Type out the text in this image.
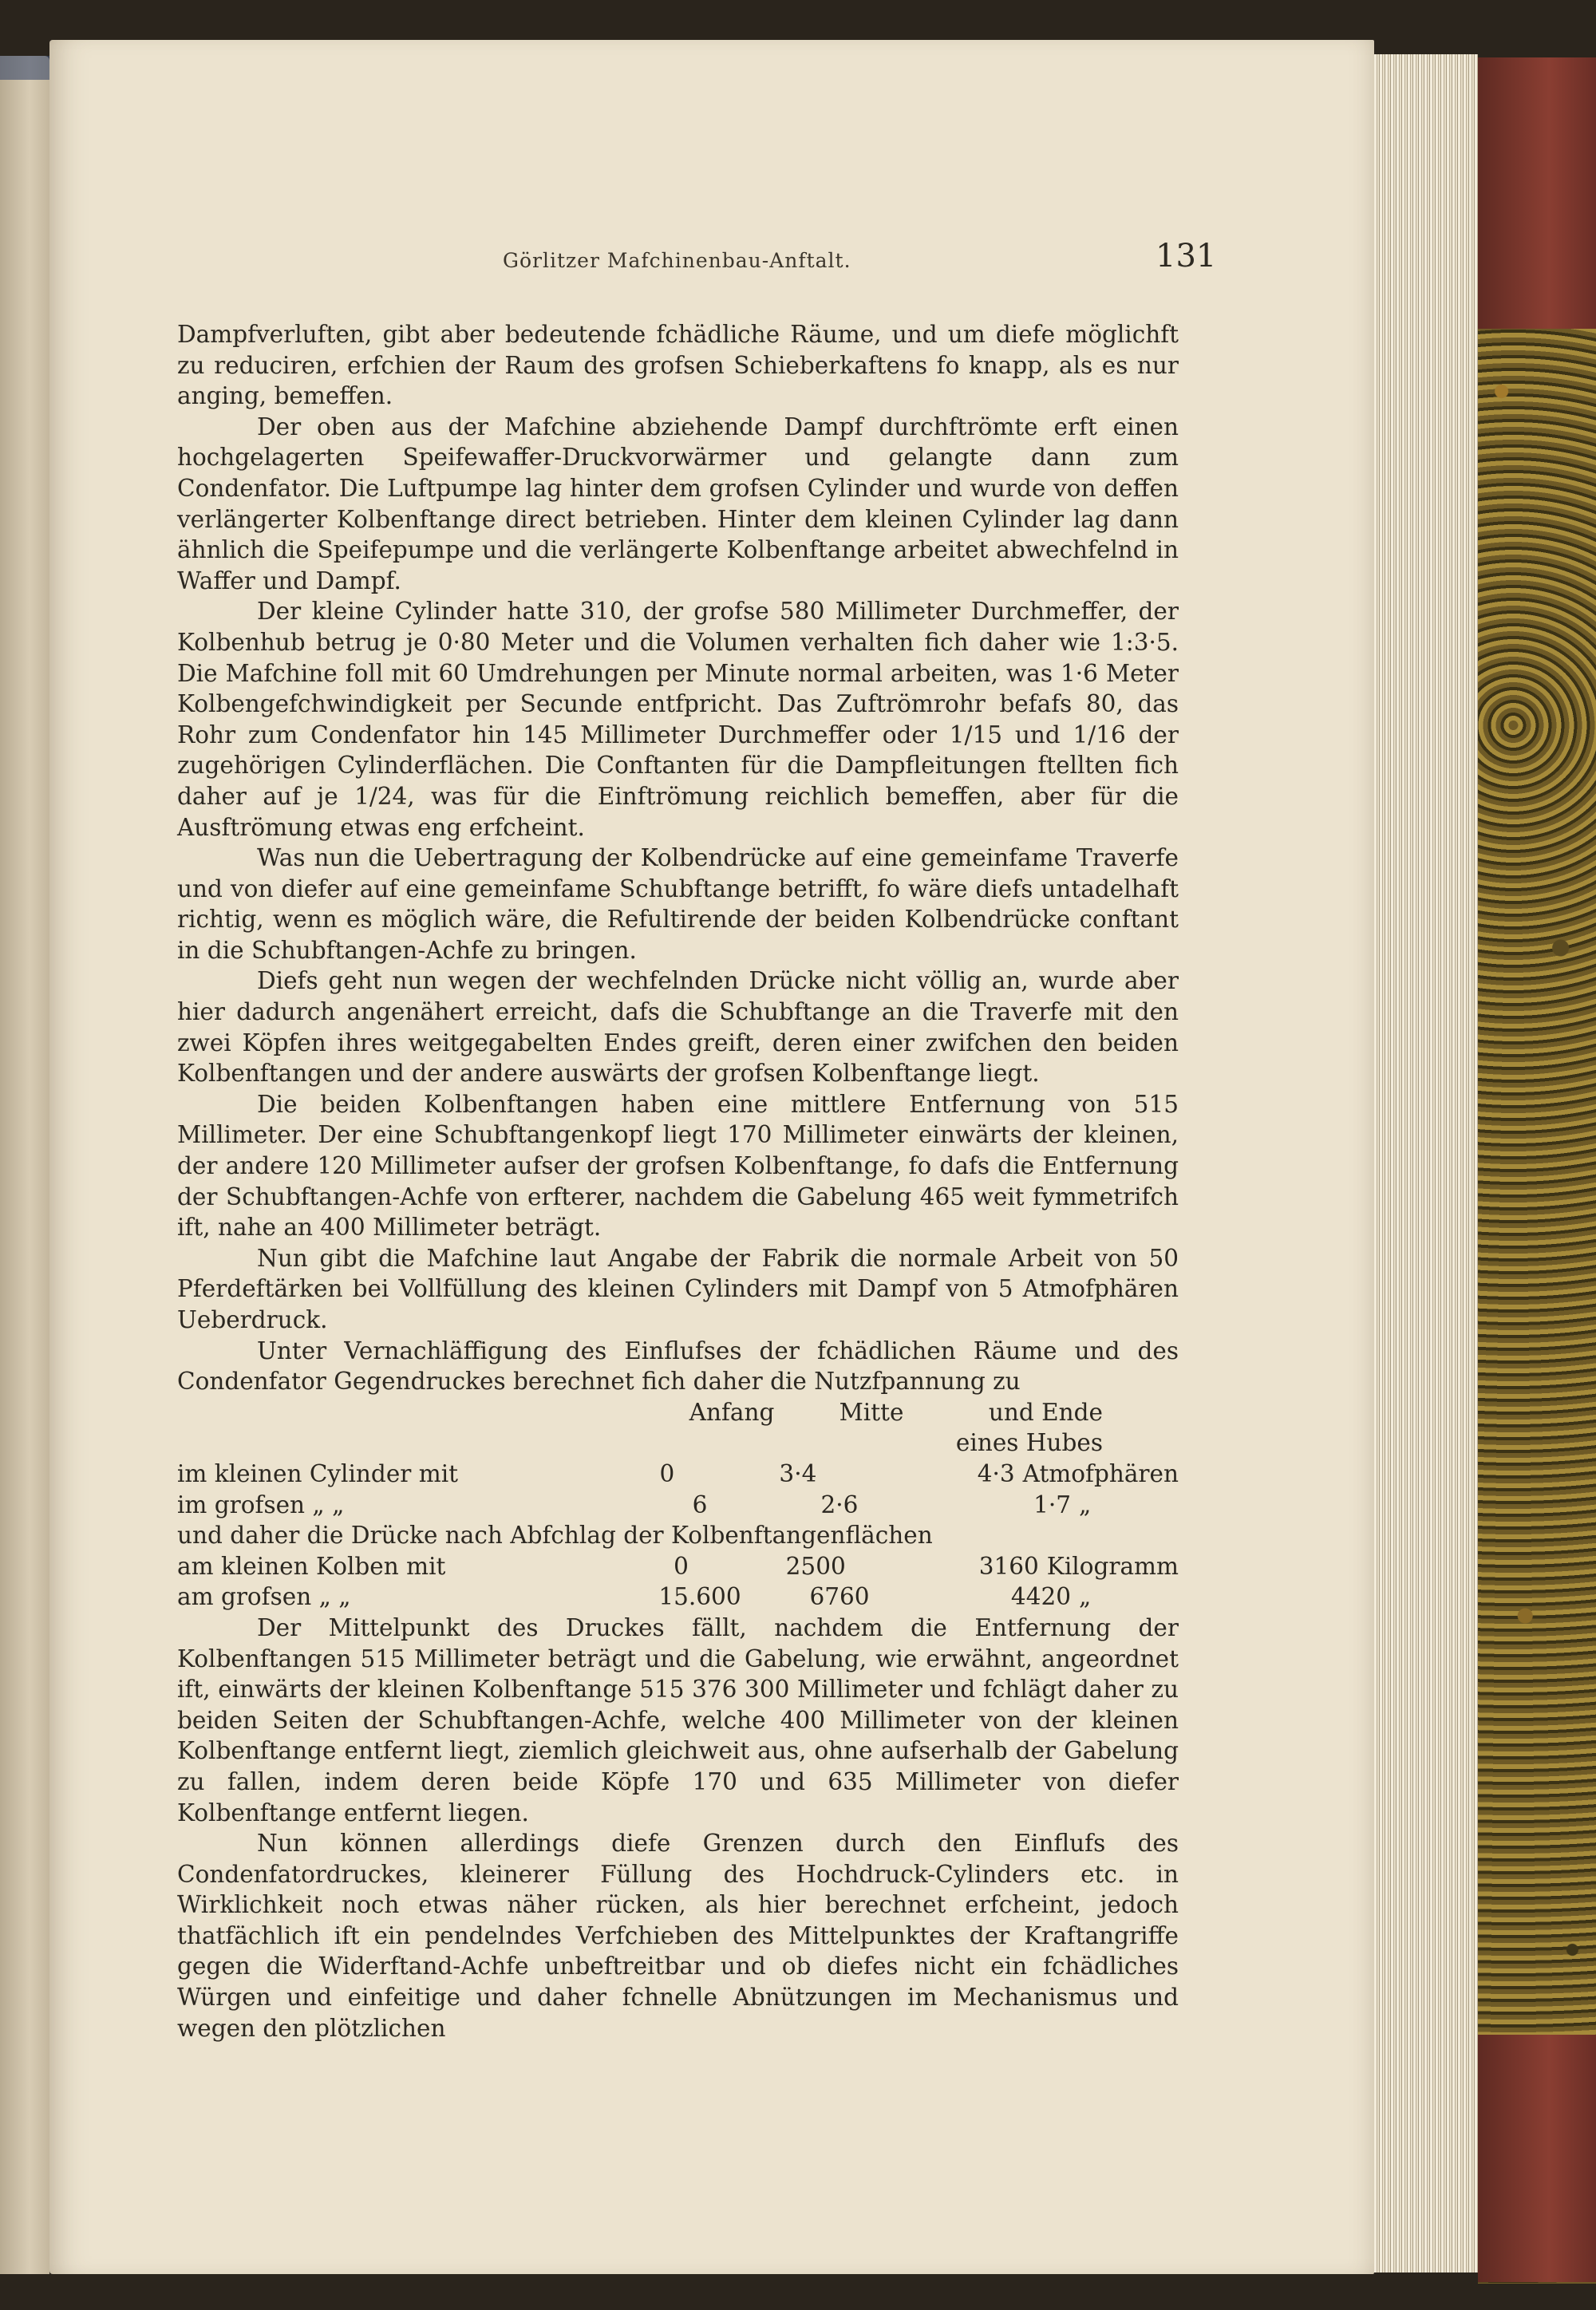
Görlitzer Mafchinenbau-Anftalt.	131

Dampfverluften, gibt aber bedeutende fchädliche Räume, und um diefe möglichft zu reduciren, erfchien der Raum des grofsen Schieberkaftens fo knapp, als es nur anging, bemeffen.

Der oben aus der Mafchine abziehende Dampf durchftrömte erft einen hochgelagerten Speifewaffer-Druckvorwärmer und gelangte dann zum Condenfator. Die Luftpumpe lag hinter dem grofsen Cylinder und wurde von deffen verlängerter Kolbenftange direct betrieben. Hinter dem kleinen Cylinder lag dann ähnlich die Speifepumpe und die verlängerte Kolbenftange arbeitet abwechfelnd in Waffer und Dampf.

Der kleine Cylinder hatte 310, der grofse 580 Millimeter Durchmeffer, der Kolbenhub betrug je 0·80 Meter und die Volumen verhalten fich daher wie 1:3·5. Die Mafchine foll mit 60 Umdrehungen per Minute normal arbeiten, was 1·6 Meter Kolbengefchwindigkeit per Secunde entfpricht. Das Zuftrömrohr befafs 80, das Rohr zum Condenfator hin 145 Millimeter Durchmeffer oder 1/15 und 1/16 der zugehörigen Cylinderflächen. Die Conftanten für die Dampfleitungen ftellten fich daher auf je 1/24, was für die Einftrömung reichlich bemeffen, aber für die Ausftrömung etwas eng erfcheint.

Was nun die Uebertragung der Kolbendrücke auf eine gemeinfame Traverfe und von diefer auf eine gemeinfame Schubftange betrifft, fo wäre diefs untadelhaft richtig, wenn es möglich wäre, die Refultirende der beiden Kolbendrücke conftant in die Schubftangen-Achfe zu bringen.

Diefs geht nun wegen der wechfelnden Drücke nicht völlig an, wurde aber hier dadurch angenähert erreicht, dafs die Schubftange an die Traverfe mit den zwei Köpfen ihres weitgegabelten Endes greift, deren einer zwifchen den beiden Kolbenftangen und der andere auswärts der grofsen Kolbenftange liegt.

Die beiden Kolbenftangen haben eine mittlere Entfernung von 515 Millimeter. Der eine Schubftangenkopf liegt 170 Millimeter einwärts der kleinen, der andere 120 Millimeter aufser der grofsen Kolbenftange, fo dafs die Entfernung der Schubftangen-Achfe von erfterer, nachdem die Gabelung 465 weit fymmetrifch ift, nahe an 400 Millimeter beträgt.

Nun gibt die Mafchine laut Angabe der Fabrik die normale Arbeit von 50 Pferdeftärken bei Vollfüllung des kleinen Cylinders mit Dampf von 5 Atmofphären Ueberdruck.

Unter Vernachläffigung des Einflufses der fchädlichen Räume und des Condenfator Gegendruckes berechnet fich daher die Nutzfpannung zu

Anfang	Mitte	und Ende eines Hubes
im kleinen Cylinder mit	0	3·4	4·3 Atmofphären
im grofsen „ „	6	2·6	1·7 „

und daher die Drücke nach Abfchlag der Kolbenftangenflächen

am kleinen Kolben mit	0	2500	3160 Kilogramm
am grofsen „ „	15.600	6760	4420 „

Der Mittelpunkt des Druckes fällt, nachdem die Entfernung der Kolbenftangen 515 Millimeter beträgt und die Gabelung, wie erwähnt, angeordnet ift, einwärts der kleinen Kolbenftange 515 376 300 Millimeter und fchlägt daher zu beiden Seiten der Schubftangen-Achfe, welche 400 Millimeter von der kleinen Kolbenftange entfernt liegt, ziemlich gleichweit aus, ohne aufserhalb der Gabelung zu fallen, indem deren beide Köpfe 170 und 635 Millimeter von diefer Kolbenftange entfernt liegen.

Nun können allerdings diefe Grenzen durch den Einflufs des Condenfatordruckes, kleinerer Füllung des Hochdruck-Cylinders etc. in Wirklichkeit noch etwas näher rücken, als hier berechnet erfcheint, jedoch thatfächlich ift ein pendelndes Verfchieben des Mittelpunktes der Kraftangriffe gegen die Widerftand-Achfe unbeftreitbar und ob diefes nicht ein fchädliches Würgen und einfeitige und daher fchnelle Abnützungen im Mechanismus und wegen den plötzlichen
